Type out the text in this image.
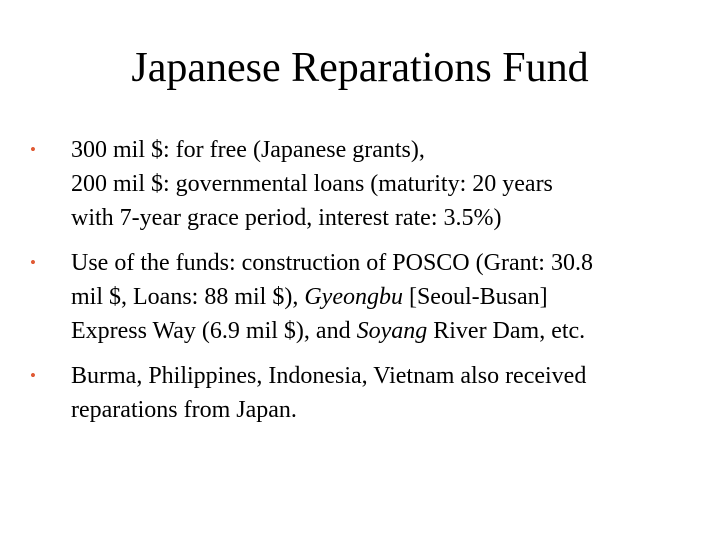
Japanese Reparations Fund
•	300 mil $: for free (Japanese grants),
200 mil $: governmental loans (maturity: 20 years
with 7-year grace period, interest rate: 3.5%)
•	Use of the funds: construction of POSCO (Grant: 30.8
mil $, Loans: 88 mil $), Gyeongbu [Seoul-Busan]
Express Way (6.9 mil $), and Soyang River Dam, etc.
•	Burma, Philippines, Indonesia, Vietnam also received
reparations from Japan.
